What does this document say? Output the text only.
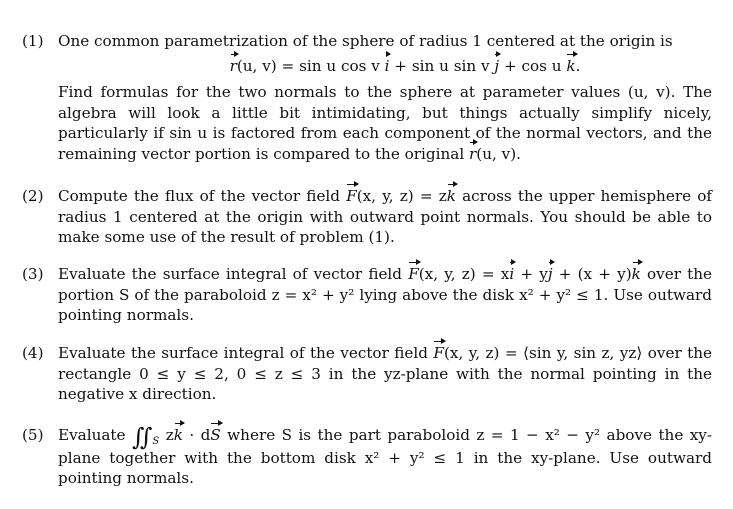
(1) One common parametrization of the sphere of radius 1 centered at the origin is
r(u, v) = sin u cos v i + sin u sin v j + cos u k.
Find formulas for the two normals to the sphere at parameter values (u, v). The algebra will look a little bit intimidating, but things actually simplify nicely, particularly if sin u is factored from each component of the normal vectors, and the remaining vector portion is compared to the original r(u, v).
(2) Compute the flux of the vector field F(x, y, z) = zk across the upper hemisphere of radius 1 centered at the origin with outward point normals. You should be able to make some use of the result of problem (1).
(3) Evaluate the surface integral of vector field F(x, y, z) = xi + yj + (x + y)k over the portion S of the paraboloid z = x² + y² lying above the disk x² + y² ≤ 1. Use outward pointing normals.
(4) Evaluate the surface integral of the vector field F(x, y, z) = ⟨sin y, sin z, yz⟩ over the rectangle 0 ≤ y ≤ 2, 0 ≤ z ≤ 3 in the yz-plane with the normal pointing in the negative x direction.
(5) Evaluate ∬ $_S$ zk · dS where S is the part paraboloid z = 1 − x² − y² above the xy-plane together with the bottom disk x² + y² ≤ 1 in the xy-plane. Use outward pointing normals.
